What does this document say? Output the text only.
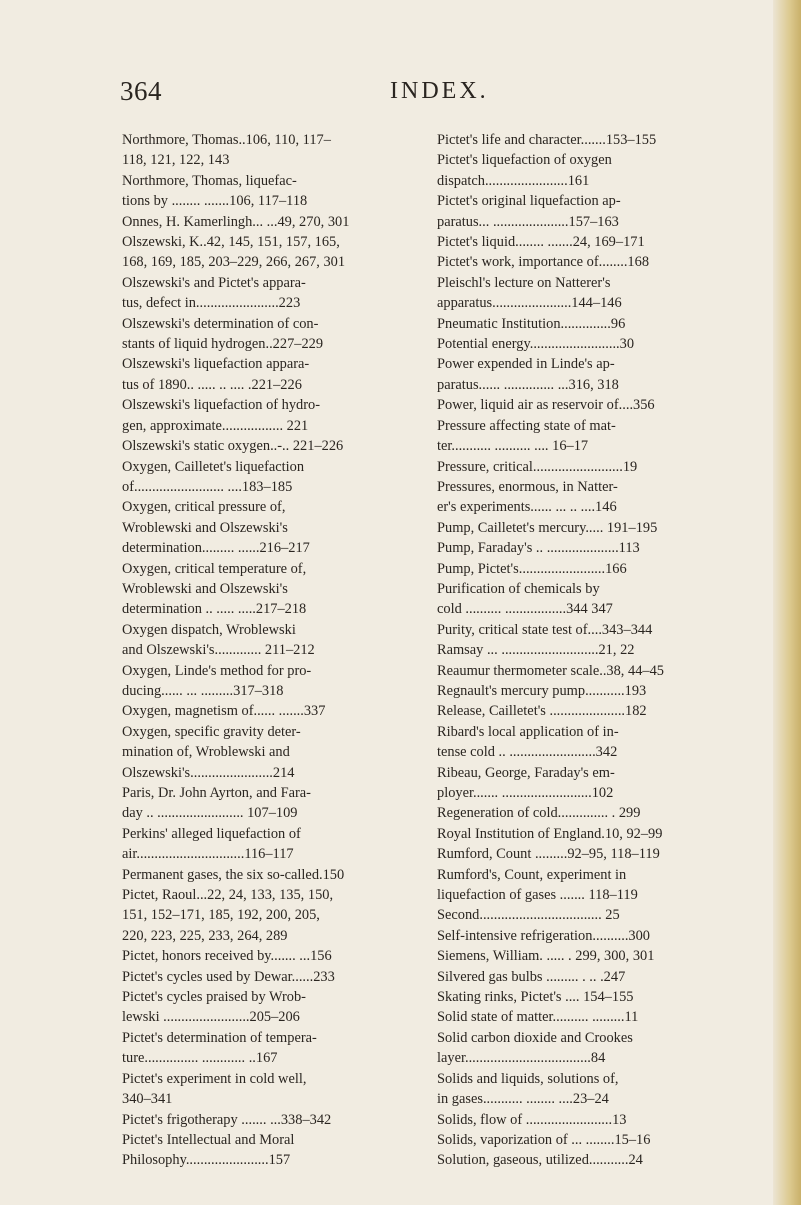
364	INDEX.
Northmore, Thomas..106, 110, 117–
118, 121, 122, 143
Northmore, Thomas, liquefac-
tions by ........ .......106, 117–118
Onnes, H. Kamerlingh... ...49, 270, 301
Olszewski, K..42, 145, 151, 157, 165,
168, 169, 185, 203–229, 266, 267, 301
Olszewski's and Pictet's appara-
tus, defect in.......................223
Olszewski's determination of con-
stants of liquid hydrogen..227–229
Olszewski's liquefaction appara-
tus of 1890.. ..... .. .... .221–226
Olszewski's liquefaction of hydro-
gen, approximate................. 221
Olszewski's static oxygen..-.. 221–226
Oxygen, Cailletet's liquefaction
of......................... ....183–185
Oxygen, critical pressure of,
Wroblewski and Olszewski's
determination......... ......216–217
Oxygen, critical temperature of,
Wroblewski and Olszewski's
determination .. ..... .....217–218
Oxygen dispatch, Wroblewski
and Olszewski's............. 211–212
Oxygen, Linde's method for pro-
ducing...... ... .........317–318
Oxygen, magnetism of...... .......337
Oxygen, specific gravity deter-
mination of, Wroblewski and
Olszewski's.......................214
Paris, Dr. John Ayrton, and Fara-
day .. ........................ 107–109
Perkins' alleged liquefaction of
air..............................116–117
Permanent gases, the six so-called.150
Pictet, Raoul...22, 24, 133, 135, 150,
151, 152–171, 185, 192, 200, 205,
220, 223, 225, 233, 264, 289
Pictet, honors received by....... ...156
Pictet's cycles used by Dewar......233
Pictet's cycles praised by Wrob-
lewski ........................205–206
Pictet's determination of tempera-
ture............... ............ ..167
Pictet's experiment in cold well,
340–341
Pictet's frigotherapy ....... ...338–342
Pictet's Intellectual and Moral
Philosophy.......................157
Pictet's life and character.......153–155
Pictet's liquefaction of oxygen
dispatch.......................161
Pictet's original liquefaction ap-
paratus... .....................157–163
Pictet's liquid........ .......24, 169–171
Pictet's work, importance of........168
Pleischl's lecture on Natterer's
apparatus......................144–146
Pneumatic Institution..............96
Potential energy.........................30
Power expended in Linde's ap-
paratus...... .............. ...316, 318
Power, liquid air as reservoir of....356
Pressure affecting state of mat-
ter........... .......... .... 16–17
Pressure, critical.........................19
Pressures, enormous, in Natter-
er's experiments...... ... .. ....146
Pump, Cailletet's mercury..... 191–195
Pump, Faraday's .. ....................113
Pump, Pictet's........................166
Purification of chemicals by
cold .......... .................344 347
Purity, critical state test of....343–344
Ramsay ... ...........................21, 22
Reaumur thermometer scale..38, 44–45
Regnault's mercury pump...........193
Release, Cailletet's .....................182
Ribard's local application of in-
tense cold .. ........................342
Ribeau, George, Faraday's em-
ployer....... .........................102
Regeneration of cold.............. . 299
Royal Institution of England.10, 92–99
Rumford, Count .........92–95, 118–119
Rumford's, Count, experiment in
liquefaction of gases ....... 118–119
Second.................................. 25
Self-intensive refrigeration..........300
Siemens, William. ..... . 299, 300, 301
Silvered gas bulbs ......... . .. .247
Skating rinks, Pictet's .... 154–155
Solid state of matter.......... .........11
Solid carbon dioxide and Crookes
layer...................................84
Solids and liquids, solutions of,
in gases........... ........ ....23–24
Solids, flow of ........................13
Solids, vaporization of ... ........15–16
Solution, gaseous, utilized...........24
